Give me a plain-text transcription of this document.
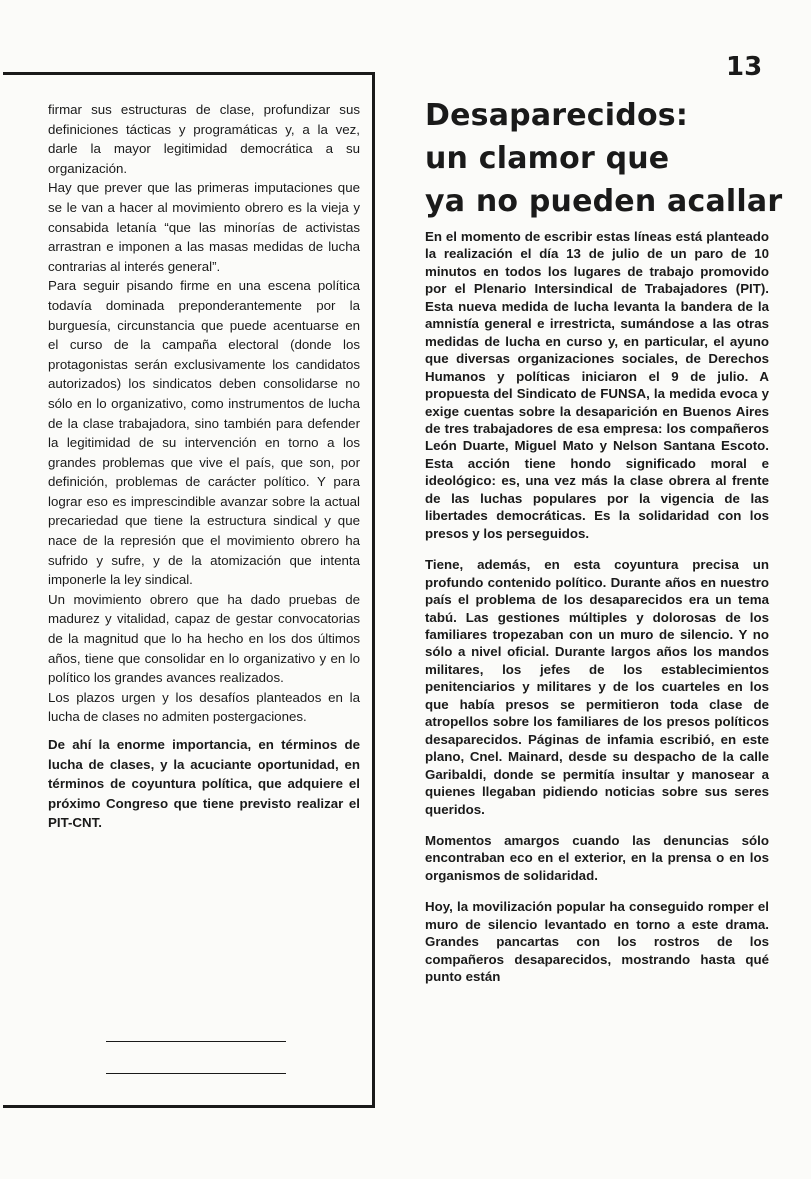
13

firmar sus estructuras de clase, profundizar sus definiciones tácticas y programáticas y, a la vez, darle la mayor legitimidad democrática a su organización.

Hay que prever que las primeras imputaciones que se le van a hacer al movimiento obrero es la vieja y consabida letanía “que las minorías de activistas arrastran e imponen a las masas medidas de lucha contrarias al interés general”.

Para seguir pisando firme en una escena política todavía dominada preponderantemente por la burguesía, circunstancia que puede acentuarse en el curso de la campaña electoral (donde los protagonistas serán exclusivamente los candidatos autorizados) los sindicatos deben consolidarse no sólo en lo organizativo, como instrumentos de lucha de la clase trabajadora, sino también para defender la legitimidad de su intervención en torno a los grandes problemas que vive el país, que son, por definición, problemas de carácter político. Y para lograr eso es imprescindible avanzar sobre la actual precariedad que tiene la estructura sindical y que nace de la represión que el movimiento obrero ha sufrido y sufre, y de la atomización que intenta imponerle la ley sindical.

Un movimiento obrero que ha dado pruebas de madurez y vitalidad, capaz de gestar convocatorias de la magnitud que lo ha hecho en los dos últimos años, tiene que consolidar en lo organizativo y en lo político los grandes avances realizados.

Los plazos urgen y los desafíos planteados en la lucha de clases no admiten postergaciones.

De ahí la enorme importancia, en términos de lucha de clases, y la acuciante oportunidad, en términos de coyuntura política, que adquiere el próximo Congreso que tiene previsto realizar el PIT-CNT.

Desaparecidos:
un clamor que
ya no pueden acallar

En el momento de escribir estas líneas está planteado la realización el día 13 de julio de un paro de 10 minutos en todos los lugares de trabajo promovido por el Plenario Intersindical de Trabajadores (PIT). Esta nueva medida de lucha levanta la bandera de la amnistía general e irrestricta, sumándose a las otras medidas de lucha en curso y, en particular, el ayuno que diversas organizaciones sociales, de Derechos Humanos y políticas iniciaron el 9 de julio. A propuesta del Sindicato de FUNSA, la medida evoca y exige cuentas sobre la desaparición en Buenos Aires de tres trabajadores de esa empresa: los compañeros León Duarte, Miguel Mato y Nelson Santana Escoto. Esta acción tiene hondo significado moral e ideológico: es, una vez más la clase obrera al frente de las luchas populares por la vigencia de las libertades democráticas. Es la solidaridad con los presos y los perseguidos.

Tiene, además, en esta coyuntura precisa un profundo contenido político. Durante años en nuestro país el problema de los desaparecidos era un tema tabú. Las gestiones múltiples y dolorosas de los familiares tropezaban con un muro de silencio. Y no sólo a nivel oficial. Durante largos años los mandos militares, los jefes de los establecimientos penitenciarios y militares y de los cuarteles en los que había presos se permitieron toda clase de atropellos sobre los familiares de los presos políticos desaparecidos. Páginas de infamia escribió, en este plano, Cnel. Mainard, desde su despacho de la calle Garibaldi, donde se permitía insultar y manosear a quienes llegaban pidiendo noticias sobre sus seres queridos.

Momentos amargos cuando las denuncias sólo encontraban eco en el exterior, en la prensa o en los organismos de solidaridad.

Hoy, la movilización popular ha conseguido romper el muro de silencio levantado en torno a este drama. Grandes pancartas con los rostros de los compañeros desaparecidos, mostrando hasta qué punto están
